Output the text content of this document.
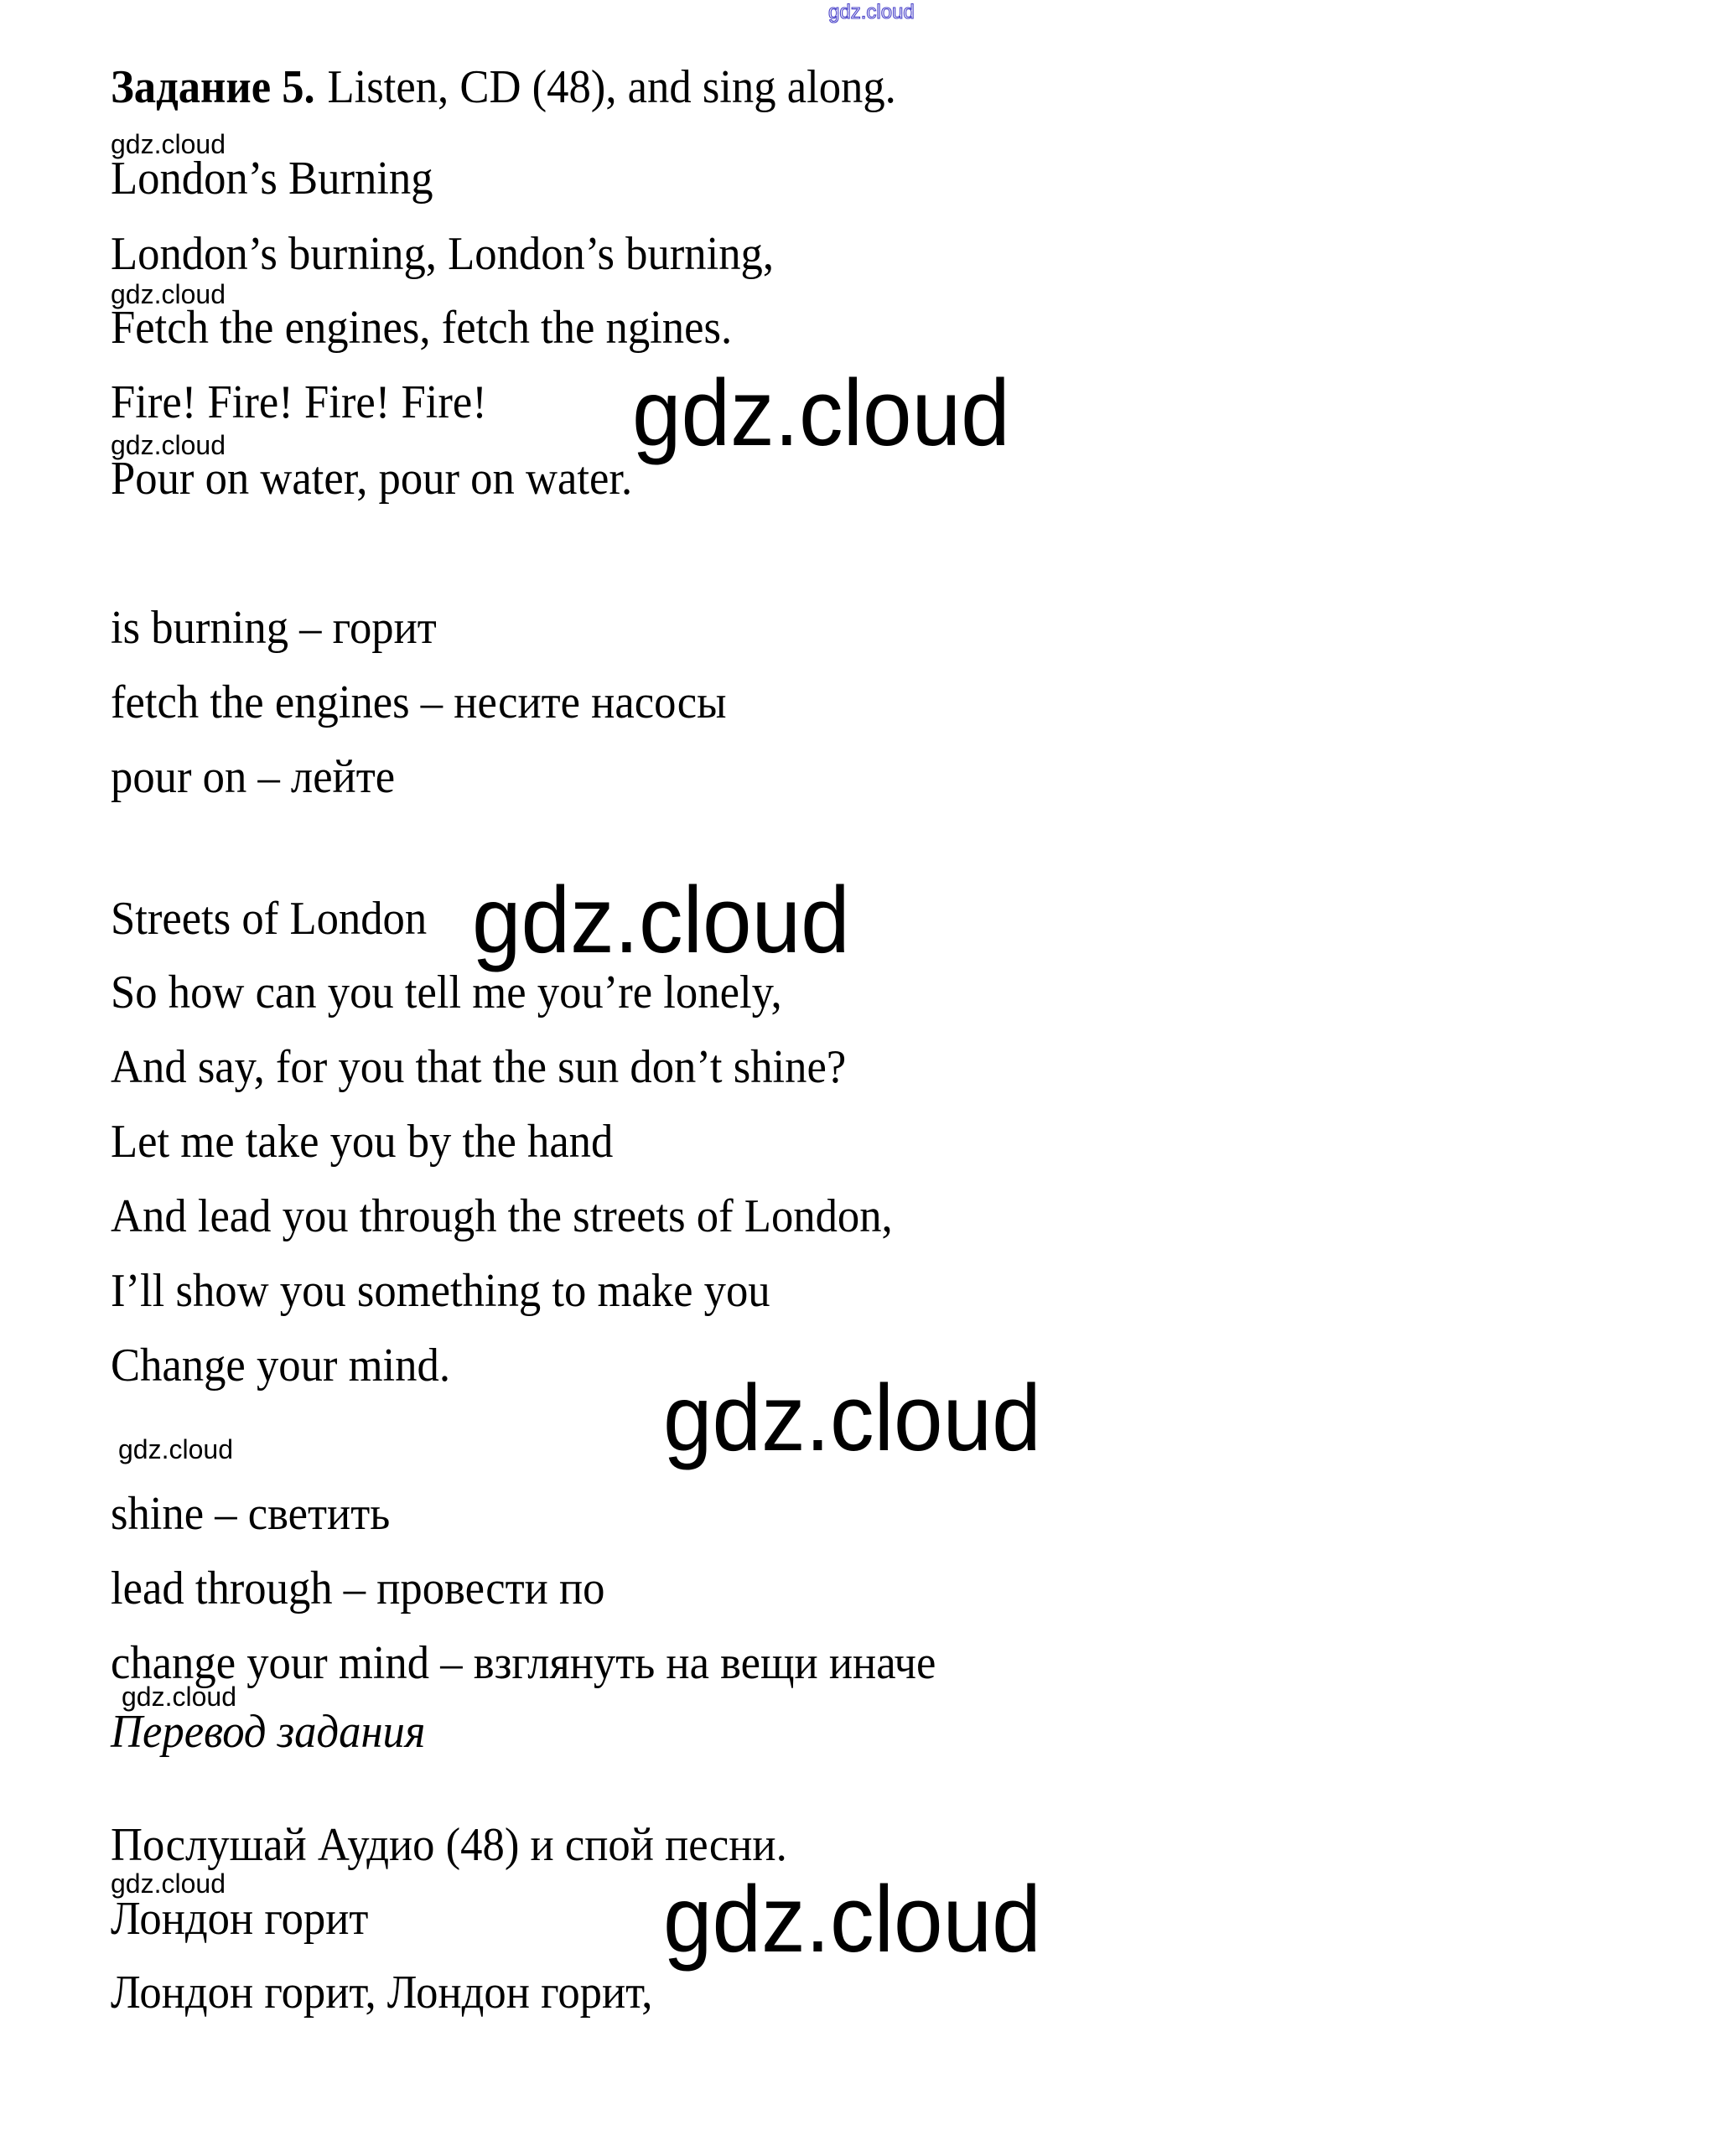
gdz.cloud
Задание 5. Listen, CD (48), and sing along.
gdz.cloud
London’s Burning
London’s burning, London’s burning,
gdz.cloud
Fetch the engines, fetch the ngines.
Fire! Fire! Fire! Fire! gdz.cloud
gdz.cloud
Pour on water, pour on water.
is burning – горит
fetch the engines – несите насосы
pour on – лейте
Streets of London gdz.cloud
So how can you tell me you’re lonely,
And say, for you that the sun don’t shine?
Let me take you by the hand
And lead you through the streets of London,
I’ll show you something to make you
Change your mind. gdz.cloud
gdz.cloud
shine – светить
lead through – провести по
change your mind – взглянуть на вещи иначе
gdz.cloud
Перевод задания
Послушай Аудио (48) и спой песни.
gdz.cloud
Лондон горит	gdz.cloud
Лондон горит, Лондон горит,
